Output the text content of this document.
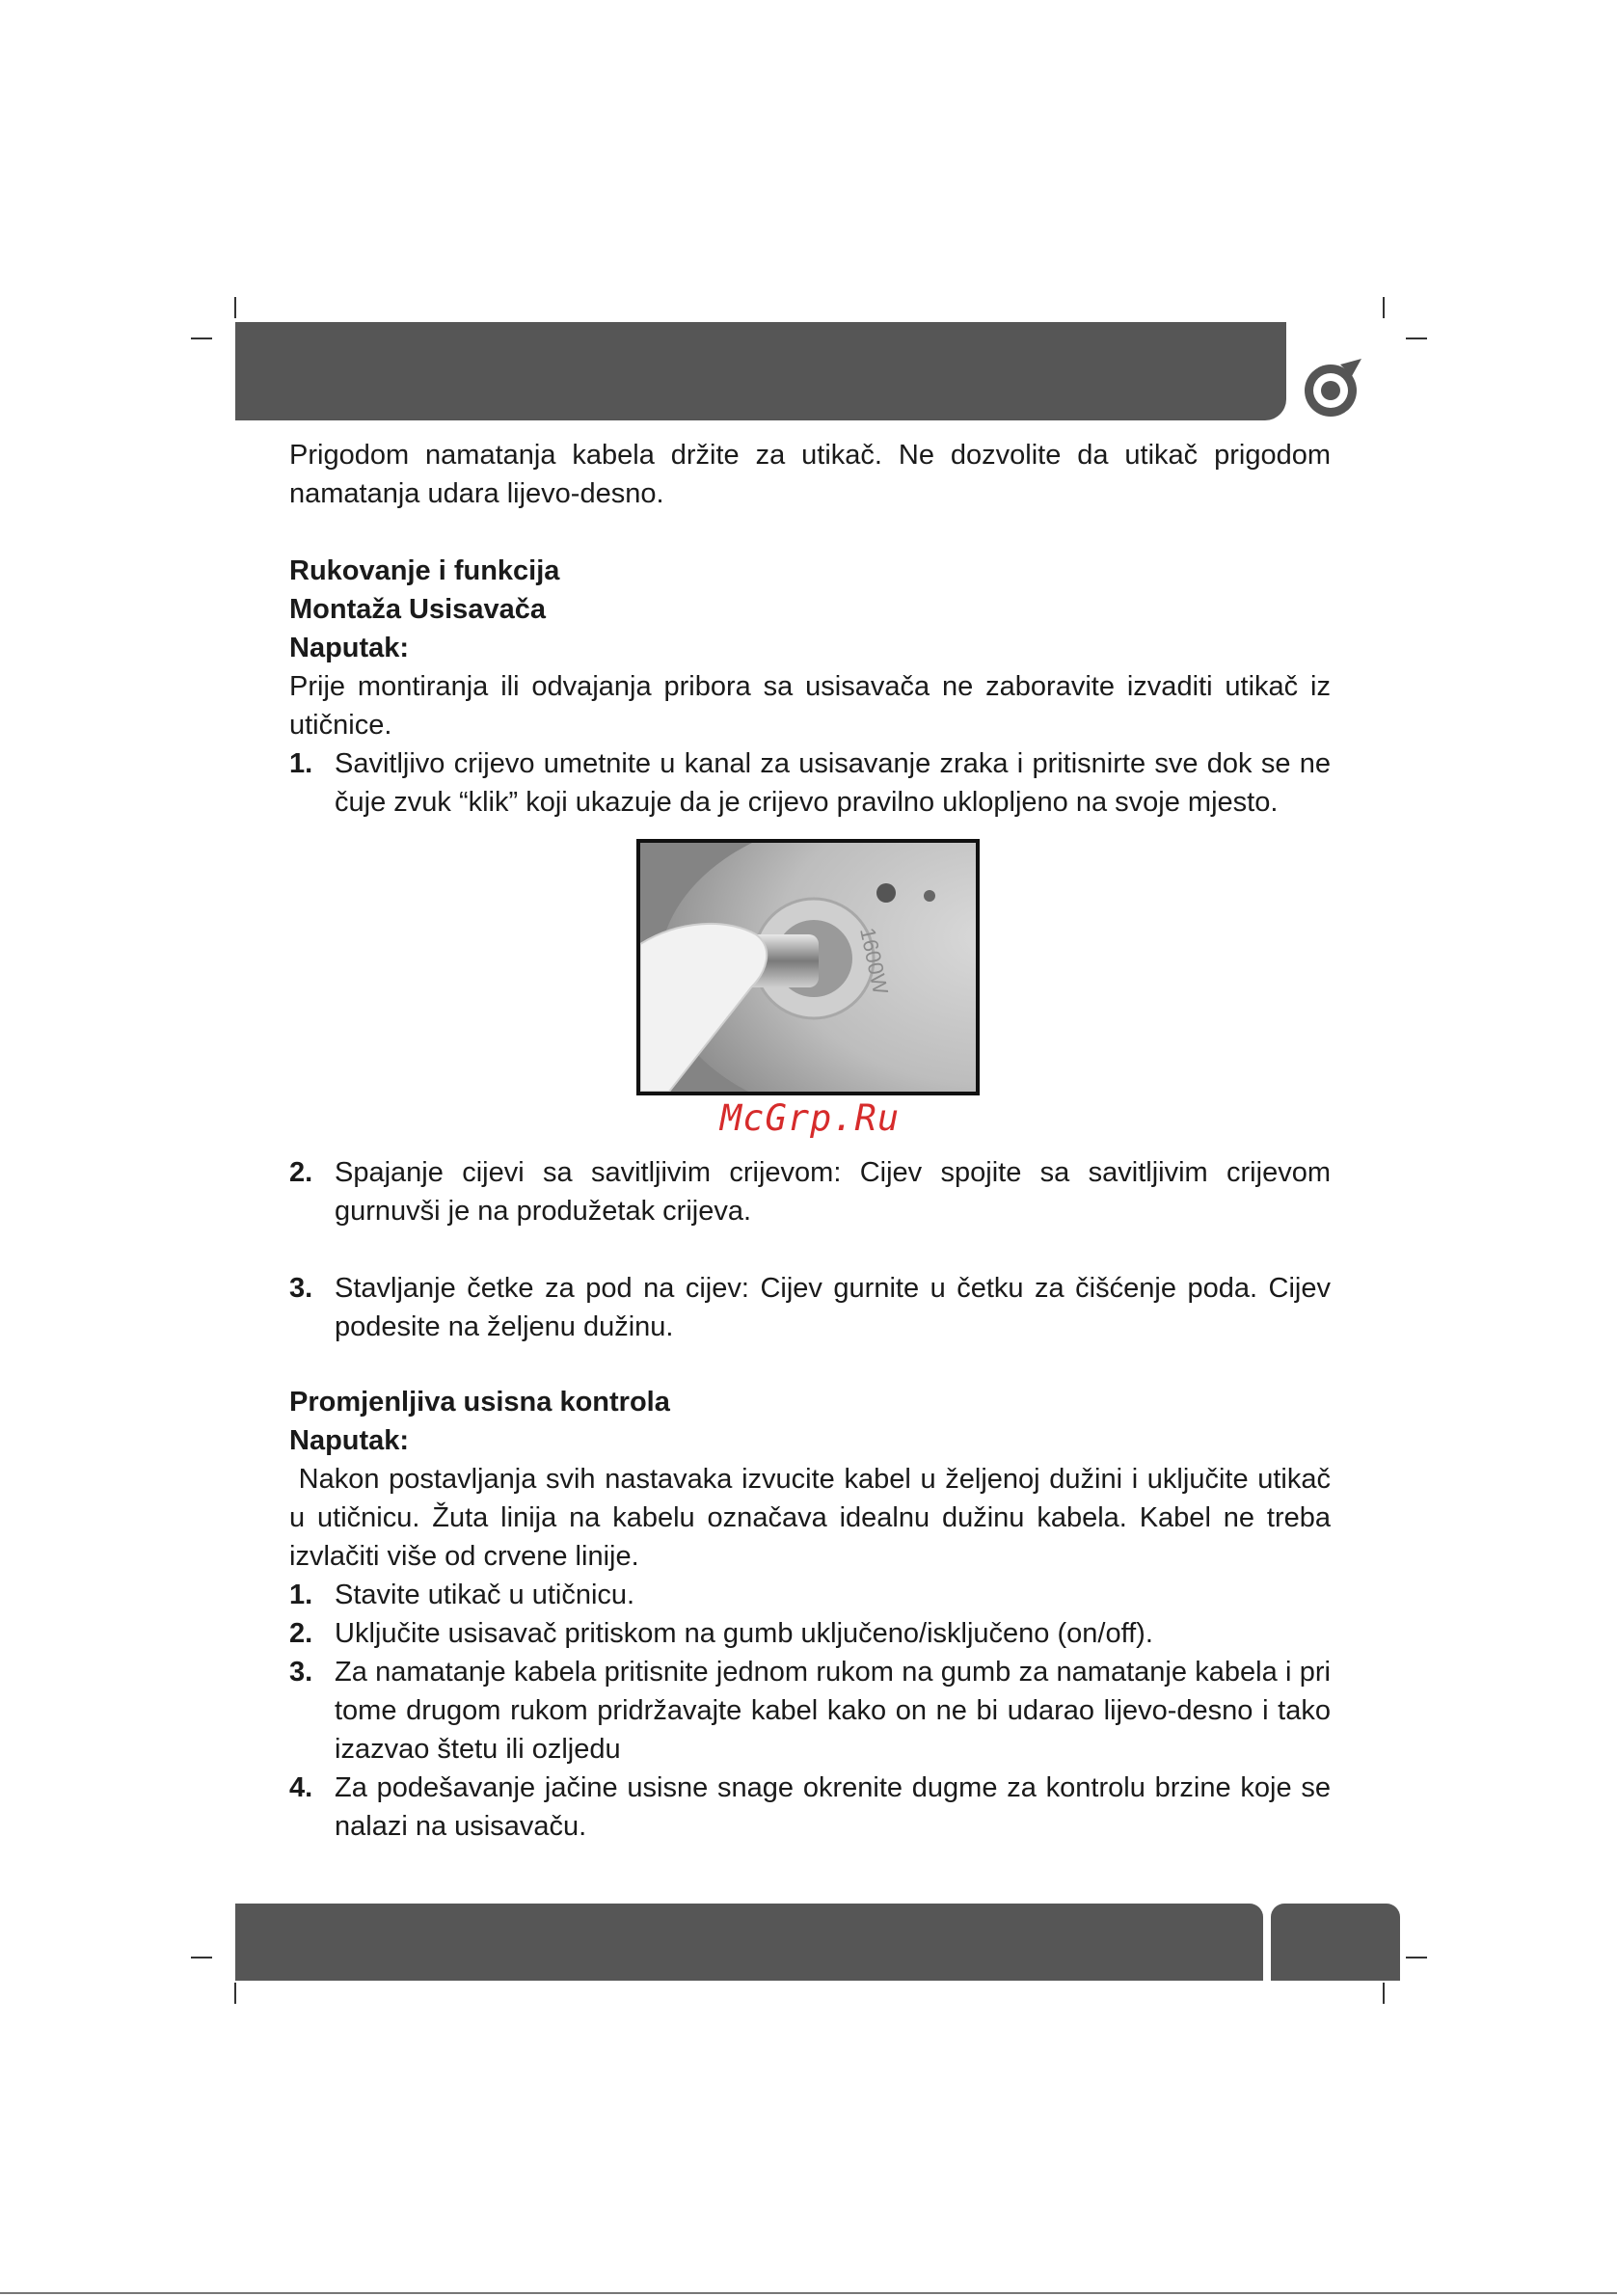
Prigodom namatanja kabela držite za utikač. Ne dozvolite da utikač prigodom namatanja udara lijevo-desno.

Rukovanje i funkcija
Montaža Usisavača
Naputak:

Prije montiranja ili odvajanja pribora sa usisavača ne zaboravite izvaditi utikač iz utičnice.

1. Savitljivo crijevo umetnite u kanal za usisavanje zraka i pritisnirte sve dok se ne čuje zvuk “klik” koji ukazuje da je crijevo pravilno uklopljeno na svoje mjesto.
1600W

McGrp.Ru

2. Spajanje cijevi sa savitljivim crijevom: Cijev spojite sa savitljivim crijevom gurnuvši je na produžetak crijeva.
3. Stavljanje četke za pod na cijev: Cijev gurnite u četku za čišćenje poda. Cijev podesite na željenu dužinu.
Promjenljiva usisna kontrola
Naputak:

Nakon postavljanja svih nastavaka izvucite kabel u željenoj dužini i uključite utikač u utičnicu. Žuta linija na kabelu označava idealnu dužinu kabela. Kabel ne treba izvlačiti više od crvene linije.

1. Stavite utikač u utičnicu.
2. Uključite usisavač pritiskom na gumb uključeno/isključeno (on/off).
3. Za namatanje kabela pritisnite jednom rukom na gumb za namatanje kabela i pri tome drugom rukom pridržavajte kabel kako on ne bi udarao lijevo-desno i tako izazvao štetu ili ozljedu
4. Za podešavanje jačine usisne snage okrenite dugme za kontrolu brzine koje se nalazi na usisavaču.
